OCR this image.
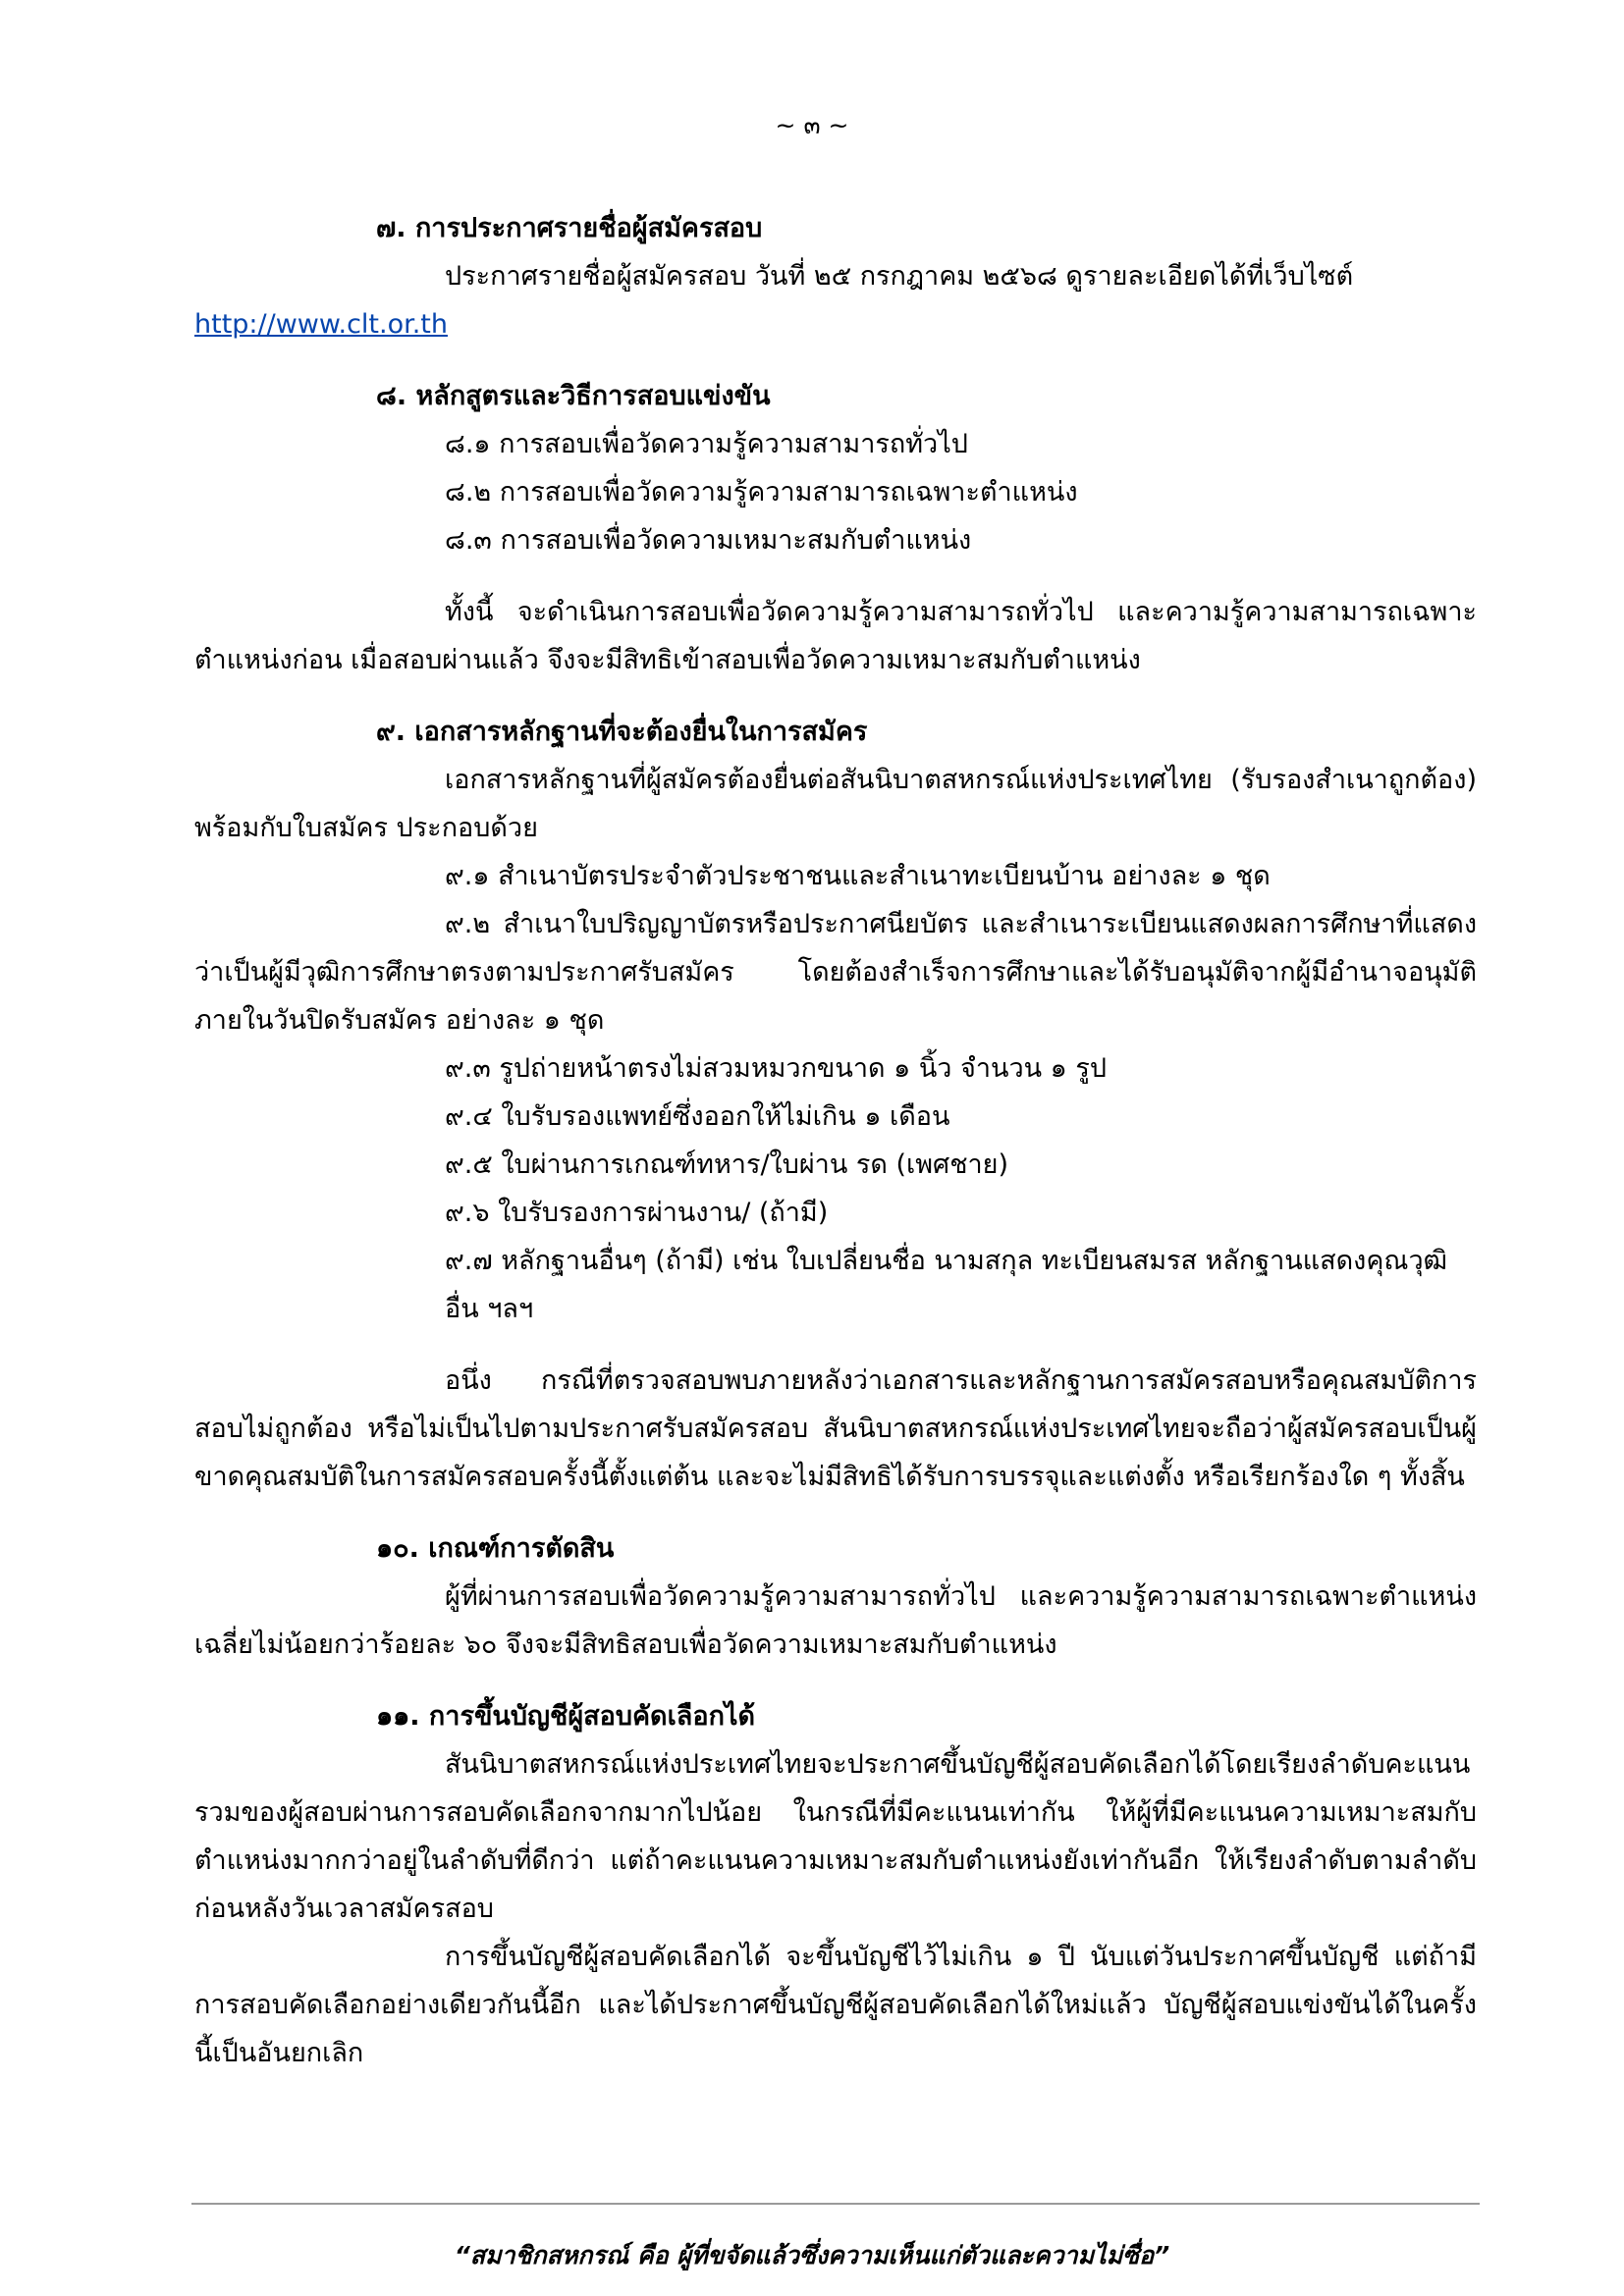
~ ๓ ~

๗. การประกาศรายชื่อผู้สมัครสอบ

ประกาศรายชื่อผู้สมัครสอบ วันที่ ๒๕ กรกฎาคม ๒๕๖๘ ดูรายละเอียดได้ที่เว็บไซต์
http://www.clt.or.th

๘. หลักสูตรและวิธีการสอบแข่งขัน

๘.๑ การสอบเพื่อวัดความรู้ความสามารถทั่วไป

๘.๒ การสอบเพื่อวัดความรู้ความสามารถเฉพาะตำแหน่ง

๘.๓ การสอบเพื่อวัดความเหมาะสมกับตำแหน่ง

ทั้งนี้ จะดำเนินการสอบเพื่อวัดความรู้ความสามารถทั่วไป และความรู้ความสามารถเฉพาะตำแหน่งก่อน เมื่อสอบผ่านแล้ว จึงจะมีสิทธิเข้าสอบเพื่อวัดความเหมาะสมกับตำแหน่ง

๙. เอกสารหลักฐานที่จะต้องยื่นในการสมัคร

เอกสารหลักฐานที่ผู้สมัครต้องยื่นต่อสันนิบาตสหกรณ์แห่งประเทศไทย (รับรองสำเนาถูกต้อง) พร้อมกับใบสมัคร ประกอบด้วย

๙.๑ สำเนาบัตรประจำตัวประชาชนและสำเนาทะเบียนบ้าน อย่างละ ๑ ชุด

๙.๒ สำเนาใบปริญญาบัตรหรือประกาศนียบัตร และสำเนาระเบียนแสดงผลการศึกษาที่แสดงว่าเป็นผู้มีวุฒิการศึกษาตรงตามประกาศรับสมัคร โดยต้องสำเร็จการศึกษาและได้รับอนุมัติจากผู้มีอำนาจอนุมัติภายในวันปิดรับสมัคร อย่างละ ๑ ชุด

๙.๓ รูปถ่ายหน้าตรงไม่สวมหมวกขนาด ๑ นิ้ว จำนวน ๑ รูป

๙.๔ ใบรับรองแพทย์ซึ่งออกให้ไม่เกิน ๑ เดือน

๙.๕ ใบผ่านการเกณฑ์ทหาร/ใบผ่าน รด (เพศชาย)

๙.๖ ใบรับรองการผ่านงาน/ (ถ้ามี)

๙.๗ หลักฐานอื่นๆ (ถ้ามี) เช่น ใบเปลี่ยนชื่อ นามสกุล ทะเบียนสมรส หลักฐานแสดงคุณวุฒิอื่น ฯลฯ

อนึ่ง กรณีที่ตรวจสอบพบภายหลังว่าเอกสารและหลักฐานการสมัครสอบหรือคุณสมบัติการสอบไม่ถูกต้อง หรือไม่เป็นไปตามประกาศรับสมัครสอบ สันนิบาตสหกรณ์แห่งประเทศไทยจะถือว่าผู้สมัครสอบเป็นผู้ขาดคุณสมบัติในการสมัครสอบครั้งนี้ตั้งแต่ต้น และจะไม่มีสิทธิได้รับการบรรจุและแต่งตั้ง หรือเรียกร้องใด ๆ ทั้งสิ้น

๑๐. เกณฑ์การตัดสิน

ผู้ที่ผ่านการสอบเพื่อวัดความรู้ความสามารถทั่วไป และความรู้ความสามารถเฉพาะตำแหน่งเฉลี่ยไม่น้อยกว่าร้อยละ ๖๐ จึงจะมีสิทธิสอบเพื่อวัดความเหมาะสมกับตำแหน่ง

๑๑. การขึ้นบัญชีผู้สอบคัดเลือกได้

สันนิบาตสหกรณ์แห่งประเทศไทยจะประกาศขึ้นบัญชีผู้สอบคัดเลือกได้โดยเรียงลำดับคะแนนรวมของผู้สอบผ่านการสอบคัดเลือกจากมากไปน้อย ในกรณีที่มีคะแนนเท่ากัน ให้ผู้ที่มีคะแนนความเหมาะสมกับตำแหน่งมากกว่าอยู่ในลำดับที่ดีกว่า แต่ถ้าคะแนนความเหมาะสมกับตำแหน่งยังเท่ากันอีก ให้เรียงลำดับตามลำดับก่อนหลังวันเวลาสมัครสอบ

การขึ้นบัญชีผู้สอบคัดเลือกได้ จะขึ้นบัญชีไว้ไม่เกิน ๑ ปี นับแต่วันประกาศขึ้นบัญชี แต่ถ้ามีการสอบคัดเลือกอย่างเดียวกันนี้อีก และได้ประกาศขึ้นบัญชีผู้สอบคัดเลือกได้ใหม่แล้ว บัญชีผู้สอบแข่งขันได้ในครั้งนี้เป็นอันยกเลิก

“สมาชิกสหกรณ์ คือ ผู้ที่ขจัดแล้วซึ่งความเห็นแก่ตัวและความไม่ซื่อ”
